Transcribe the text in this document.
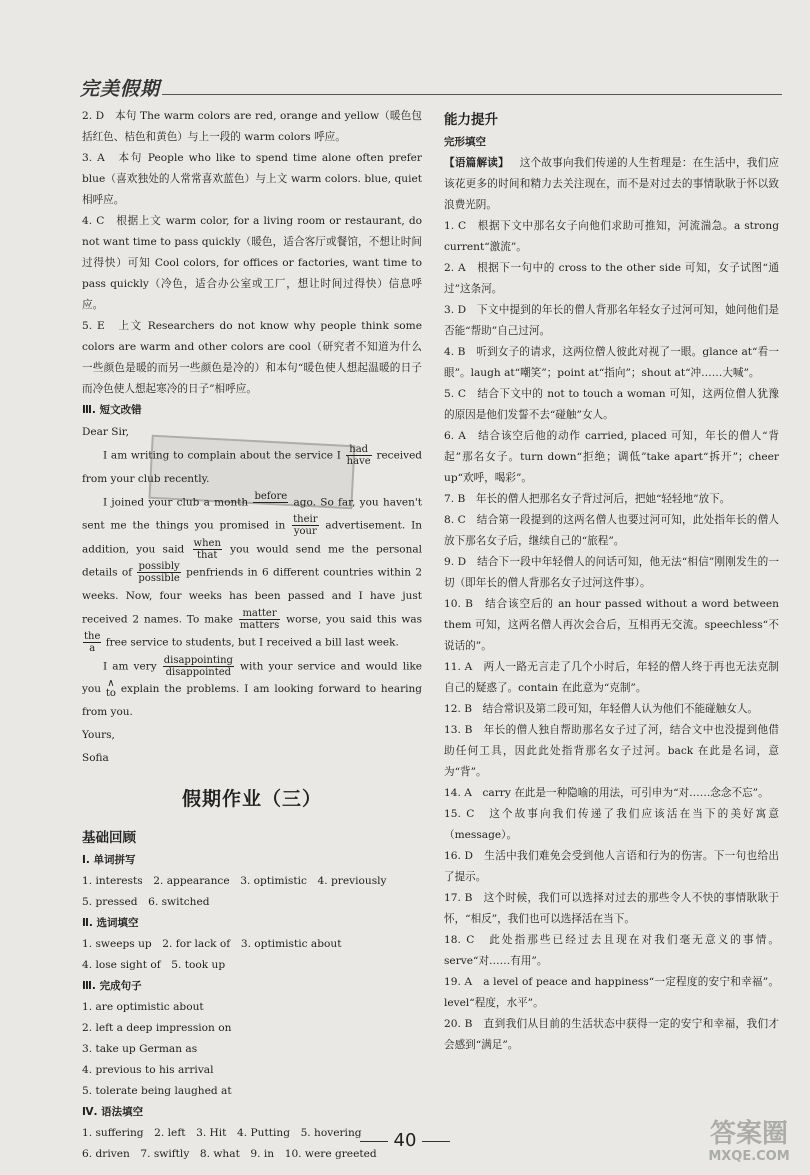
完美假期

2. D　本句 The warm colors are red, orange and yellow（暖色包括红色、桔色和黄色）与上一段的 warm colors 呼应。

3. A　本句 People who like to spend time alone often prefer blue（喜欢独处的人常常喜欢蓝色）与上文 warm colors. blue, quiet 相呼应。

4. C　根据上文 warm color, for a living room or restaurant, do not want time to pass quickly（暖色，适合客厅或餐馆，不想让时间过得快）可知 Cool colors, for offices or factories, want time to pass quickly（冷色，适合办公室或工厂，想让时间过得快）信息呼应。

5. E　上文 Researchers do not know why people think some colors are warm and other colors are cool（研究者不知道为什么一些颜色是暖的而另一些颜色是冷的）和本句“暖色使人想起温暖的日子而冷色使人想起寒冷的日子”相呼应。

Ⅲ. 短文改错

Dear Sir,

  I am writing to complain about the service I $\frac{\text{had}}{\text{have}}$ received from your club recently.

  I joined your club a month before
ago. So far, you haven't sent me the things you promised in $\frac{\text{their}}{\text{your}}$ advertisement. In addition, you said $\frac{\text{when}}{\text{that}}$ you would send me the personal details of $\frac{\text{possibly}}{\text{possible}}$ penfriends in 6 different countries within 2 weeks. Now, four weeks has been passed and I have just received 2 names. To make $\frac{\text{matter}}{\text{matters}}$ worse, you said this was
$\frac{\text{the}}{a}$ free service to students, but I received a bill last week.

  I am very $\frac{\text{disappointing}}{\text{disappointed}}$ with your service and would like you ∧
to explain the problems. I am looking forward to hearing from you.

Yours,

Sofia

假期作业（三）

基础回顾

Ⅰ. 单词拼写

1. interests　2. appearance　3. optimistic　4. previously

5. pressed　6. switched

Ⅱ. 选词填空

1. sweeps up　2. for lack of　3. optimistic about

4. lose sight of　5. took up

Ⅲ. 完成句子

1. are optimistic about

2. left a deep impression on

3. take up German as

4. previous to his arrival

5. tolerate being laughed at

Ⅳ. 语法填空

1. suffering　2. left　3. Hit　4. Putting　5. hovering

6. driven　7. swiftly　8. what　9. in　10. were greeted

能力提升

完形填空

【语篇解读】  这个故事向我们传递的人生哲理是：在生活中，我们应该花更多的时间和精力去关注现在，而不是对过去的事情耿耿于怀以致浪费光阴。

1. C　根据下文中那名女子向他们求助可推知，河流湍急。a strong current“激流”。

2. A　根据下一句中的 cross to the other side 可知，女子试图“通过”这条河。

3. D　下文中提到的年长的僧人背那名年轻女子过河可知，她问他们是否能“帮助”自己过河。

4. B　听到女子的请求，这两位僧人彼此对视了一眼。glance at“看一眼”。laugh at“嘲笑”；point at“指向”；shout at“冲……大喊”。

5. C　结合下文中的 not to touch a woman 可知，这两位僧人犹豫的原因是他们发誓不去“碰触”女人。

6. A　结合该空后他的动作 carried, placed 可知，年长的僧人“背起”那名女子。turn down“拒绝；调低”take apart“拆开”；cheer up“欢呼，喝彩”。

7. B　年长的僧人把那名女子背过河后，把她“轻轻地”放下。

8. C　结合第一段提到的这两名僧人也要过河可知，此处指年长的僧人放下那名女子后，继续自己的“旅程”。

9. D　结合下一段中年轻僧人的问话可知，他无法“相信”刚刚发生的一切（即年长的僧人背那名女子过河这件事）。

10. B　结合该空后的 an hour passed without a word between them 可知，这两名僧人再次会合后，互相再无交流。speechless“不说话的”。

11. A　两人一路无言走了几个小时后，年轻的僧人终于再也无法克制自己的疑惑了。contain 在此意为“克制”。

12. B　结合常识及第二段可知，年轻僧人认为他们不能碰触女人。

13. B　年长的僧人独自帮助那名女子过了河，结合文中也没提到他借助任何工具，因此此处指背那名女子过河。back 在此是名词，意为“背”。

14. A　carry 在此是一种隐喻的用法，可引申为“对……念念不忘”。

15. C　这个故事向我们传递了我们应该活在当下的美好寓意（message）。

16. D　生活中我们难免会受到他人言语和行为的伤害。下一句也给出了提示。

17. B　这个时候，我们可以选择对过去的那些令人不快的事情耿耿于怀，“相反”，我们也可以选择活在当下。

18. C　此处指那些已经过去且现在对我们毫无意义的事情。serve“对……有用”。

19. A　a level of peace and happiness“一定程度的安宁和幸福”。level“程度，水平”。

20. B　直到我们从目前的生活状态中获得一定的安宁和幸福，我们才会感到“满足”。

40	答案圈
MXQE.COM
